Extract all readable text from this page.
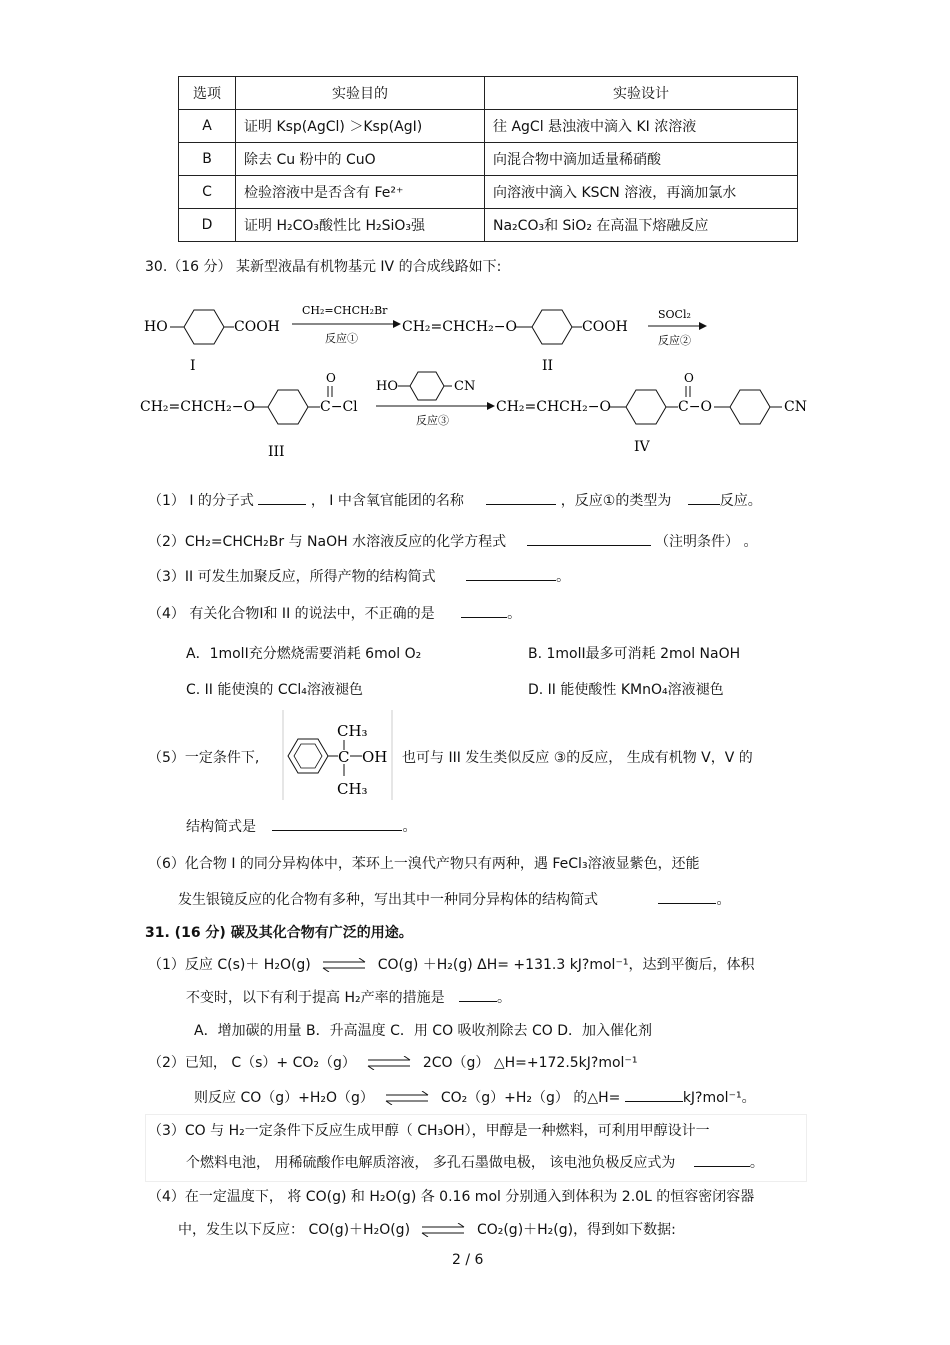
选项	实验目的	实验设计
A	证明 Ksp(AgCl) ＞Ksp(AgI)	往 AgCl 悬浊液中滴入 KI 浓溶液
B	除去 Cu 粉中的 CuO	向混合物中滴加适量稀硝酸
C	检验溶液中是否含有 Fe²⁺	向溶液中滴入 KSCN 溶液，再滴加氯水
D	证明 H₂CO₃酸性比 H₂SiO₃强	Na₂CO₃和 SiO₂ 在高温下熔融反应
30.（16 分） 某新型液晶有机物基元 IV 的合成线路如下:
HO	COOH
I
CH₂=CHCH₂Br
反应①
CH₂=CHCH₂−O	COOH
II
SOCl₂
反应②
CH₂=CHCH₂−O	C−Cl
O
III
HO	CN
反应③
CH₂=CHCH₂−O	C−O
O
CN
IV
（1） I 的分子式	， I 中含氧官能团的名称	，反应①的类型为	反应。
（2）CH₂=CHCH₂Br 与 NaOH 水溶液反应的化学方程式	（注明条件） 。
（3）II 可发生加聚反应，所得产物的结构简式	。
（4） 有关化合物Ⅰ和 II 的说法中，不正确的是	。
A．1molⅠ充分燃烧需要消耗 6mol O₂	B. 1molⅠ最多可消耗 2mol NaOH
C. II 能使溴的 CCl₄溶液褪色	D. II 能使酸性 KMnO₄溶液褪色
（5）一定条件下,
CH₃
C OH
CH₃
也可与 III 发生类似反应 ③的反应， 生成有机物 V，V 的
结构简式是	。
（6）化合物 I 的同分异构体中，苯环上一溴代产物只有两种，遇 FeCl₃溶液显紫色，还能
发生银镜反应的化合物有多种，写出其中一种同分异构体的结构简式	。
31. (16 分) 碳及其化合物有广泛的用途。
（1）反应 C(s)＋ H₂O(g) ⇌ CO(g) ＋H₂(g) ΔH= +131.3 kJ?mol⁻¹，达到平衡后，体积
不变时，以下有利于提高 H₂产率的措施是	。
A．增加碳的用量 B．升高温度 C．用 CO 吸收剂除去 CO D．加入催化剂
（2）已知， C（s）+ CO₂（g） ⇌ 2CO（g） △H=+172.5kJ?mol⁻¹
则反应 CO（g）+H₂O（g） ⇌ CO₂（g）+H₂（g） 的△H=	kJ?mol⁻¹。
（3）CO 与 H₂一定条件下反应生成甲醇（ CH₃OH），甲醇是一种燃料，可利用甲醇设计一
个燃料电池， 用稀硫酸作电解质溶液， 多孔石墨做电极， 该电池负极反应式为	。
（4）在一定温度下， 将 CO(g) 和 H₂O(g) 各 0.16 mol 分别通入到体积为 2.0L 的恒容密闭容器
中，发生以下反应： CO(g)＋H₂O(g) ⇌ CO₂(g)＋H₂(g)，得到如下数据:
2 / 6
